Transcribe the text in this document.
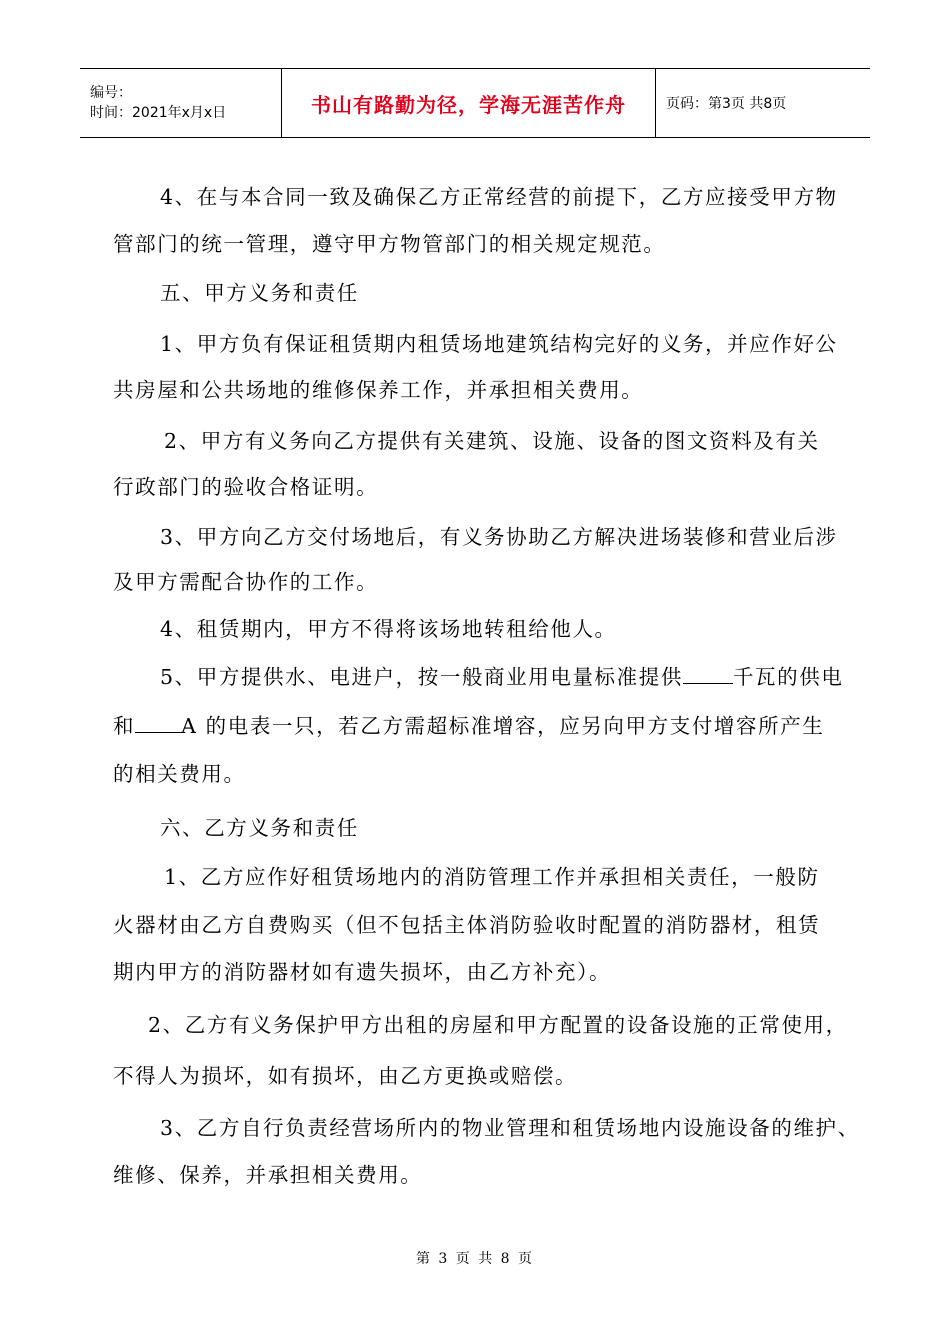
编号：
时间：2021年x月x日	书山有路勤为径，学海无涯苦作舟	页码：第3页 共8页
4、在与本合同一致及确保乙方正常经营的前提下，乙方应接受甲方物
管部门的统一管理，遵守甲方物管部门的相关规定规范。
五、甲方义务和责任
1、甲方负有保证租赁期内租赁场地建筑结构完好的义务，并应作好公
共房屋和公共场地的维修保养工作，并承担相关费用。
2、甲方有义务向乙方提供有关建筑、设施、设备的图文资料及有关
行政部门的验收合格证明。
3、甲方向乙方交付场地后，有义务协助乙方解决进场装修和营业后涉
及甲方需配合协作的工作。
4、租赁期内，甲方不得将该场地转租给他人。
5、甲方提供水、电进户，按一般商业用电量标准提供 千瓦的供电
和 A 的电表一只，若乙方需超标准增容，应另向甲方支付增容所产生
的相关费用。
六、乙方义务和责任
1、乙方应作好租赁场地内的消防管理工作并承担相关责任，一般防
火器材由乙方自费购买（但不包括主体消防验收时配置的消防器材，租赁
期内甲方的消防器材如有遗失损坏，由乙方补充）。
2、乙方有义务保护甲方出租的房屋和甲方配置的设备设施的正常使用，
不得人为损坏，如有损坏，由乙方更换或赔偿。
3、乙方自行负责经营场所内的物业管理和租赁场地内设施设备的维护、
维修、保养，并承担相关费用。
第 3 页 共 8 页
